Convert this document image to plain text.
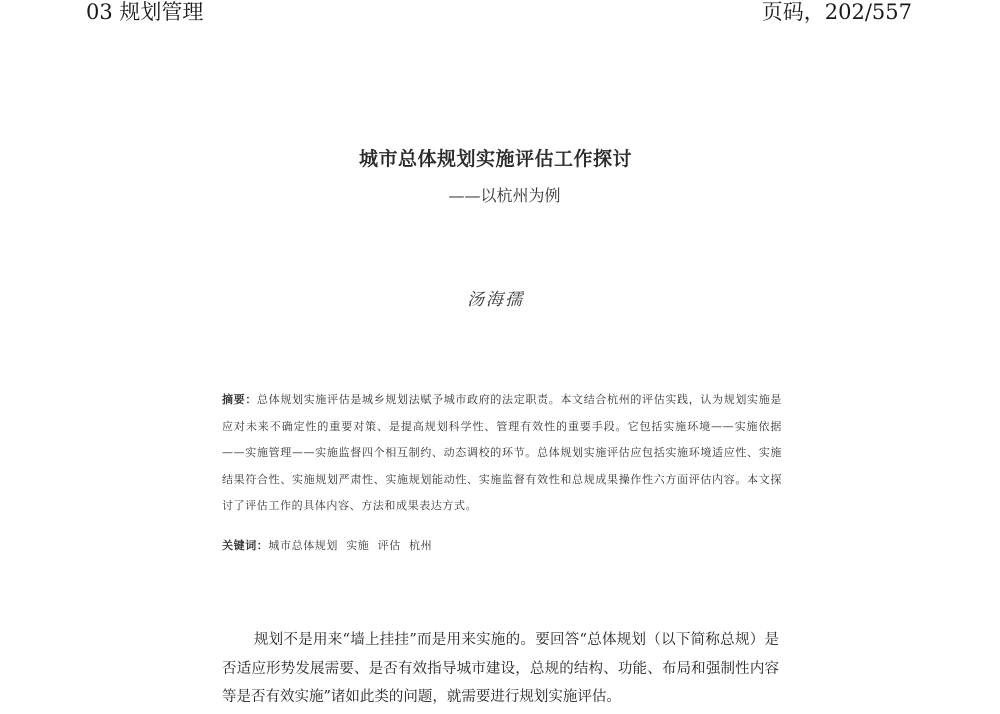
03 规划管理	页码，202/557
城市总体规划实施评估工作探讨
——以杭州为例
汤海孺
摘要：总体规划实施评估是城乡规划法赋予城市政府的法定职责。本文结合杭州的评估实践，认为规划实施是应对未来不确定性的重要对策、是提高规划科学性、管理有效性的重要手段。它包括实施环境——实施依据——实施管理——实施监督四个相互制约、动态调校的环节。总体规划实施评估应包括实施环境适应性、实施结果符合性、实施规划严肃性、实施规划能动性、实施监督有效性和总规成果操作性六方面评估内容。本文探讨了评估工作的具体内容、方法和成果表达方式。
关键词：城市总体规划  实施  评估  杭州
规划不是用来“墙上挂挂”而是用来实施的。要回答“总体规划（以下简称总规）是否适应形势发展需要、是否有效指导城市建设，总规的结构、功能、布局和强制性内容等是否有效实施”诸如此类的问题，就需要进行规划实施评估。
